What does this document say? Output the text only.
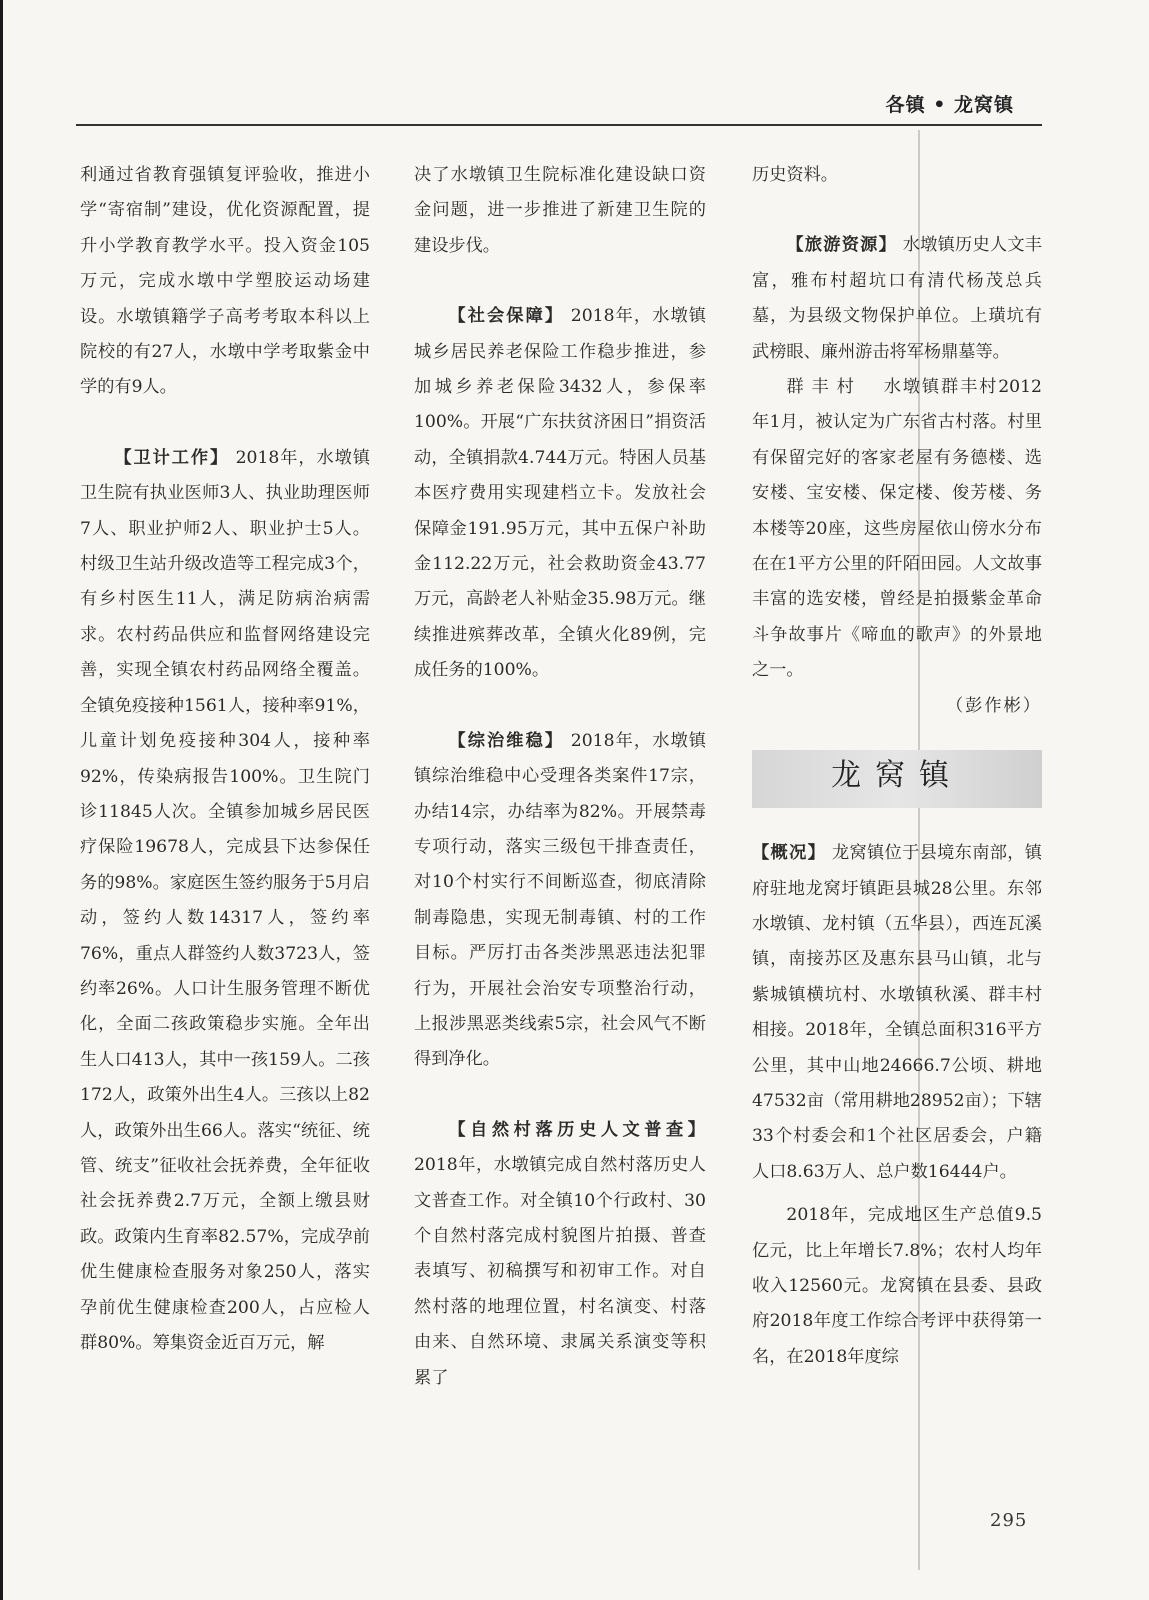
各镇 • 龙窝镇

利通过省教育强镇复评验收，推进小学“寄宿制”建设，优化资源配置，提升小学教育教学水平。投入资金105万元，完成水墩中学塑胶运动场建设。水墩镇籍学子高考考取本科以上院校的有27人，水墩中学考取紫金中学的有9人。

【卫计工作】 2018年，水墩镇卫生院有执业医师3人、执业助理医师7人、职业护师2人、职业护士5人。村级卫生站升级改造等工程完成3个，有乡村医生11人，满足防病治病需求。农村药品供应和监督网络建设完善，实现全镇农村药品网络全覆盖。全镇免疫接种1561人，接种率91%，儿童计划免疫接种304人，接种率92%，传染病报告100%。卫生院门诊11845人次。全镇参加城乡居民医疗保险19678人，完成县下达参保任务的98%。家庭医生签约服务于5月启动，签约人数14317人，签约率76%，重点人群签约人数3723人，签约率26%。人口计生服务管理不断优化，全面二孩政策稳步实施。全年出生人口413人，其中一孩159人。二孩172人，政策外出生4人。三孩以上82人，政策外出生66人。落实“统征、统管、统支”征收社会抚养费，全年征收社会抚养费2.7万元，全额上缴县财政。政策内生育率82.57%，完成孕前优生健康检查服务对象250人，落实孕前优生健康检查200人，占应检人群80%。筹集资金近百万元，解

决了水墩镇卫生院标准化建设缺口资金问题，进一步推进了新建卫生院的建设步伐。

【社会保障】 2018年，水墩镇城乡居民养老保险工作稳步推进，参加城乡养老保险3432人，参保率100%。开展“广东扶贫济困日”捐资活动，全镇捐款4.744万元。特困人员基本医疗费用实现建档立卡。发放社会保障金191.95万元，其中五保户补助金112.22万元，社会救助资金43.77万元，高龄老人补贴金35.98万元。继续推进殡葬改革，全镇火化89例，完成任务的100%。

【综治维稳】 2018年，水墩镇镇综治维稳中心受理各类案件17宗，办结14宗，办结率为82%。开展禁毒专项行动，落实三级包干排查责任，对10个村实行不间断巡查，彻底清除制毒隐患，实现无制毒镇、村的工作目标。严厉打击各类涉黑恶违法犯罪行为，开展社会治安专项整治行动，上报涉黑恶类线索5宗，社会风气不断得到净化。

【自然村落历史人文普查】 2018年，水墩镇完成自然村落历史人文普查工作。对全镇10个行政村、30个自然村落完成村貌图片拍摄、普查表填写、初稿撰写和初审工作。对自然村落的地理位置，村名演变、村落由来、自然环境、隶属关系演变等积累了

历史资料。

【旅游资源】 水墩镇历史人文丰富，雅布村超坑口有清代杨茂总兵墓，为县级文物保护单位。上璜坑有武榜眼、廉州游击将军杨鼎墓等。

群丰村 水墩镇群丰村2012年1月，被认定为广东省古村落。村里有保留完好的客家老屋有务德楼、选安楼、宝安楼、保定楼、俊芳楼、务本楼等20座，这些房屋依山傍水分布在在1平方公里的阡陌田园。人文故事丰富的选安楼，曾经是拍摄紫金革命斗争故事片《啼血的歌声》的外景地之一。

（彭作彬）

龙窝镇

【概况】 龙窝镇位于县境东南部，镇府驻地龙窝圩镇距县城28公里。东邻水墩镇、龙村镇（五华县），西连瓦溪镇，南接苏区及惠东县马山镇，北与紫城镇横坑村、水墩镇秋溪、群丰村相接。2018年，全镇总面积316平方公里，其中山地24666.7公顷、耕地47532亩（常用耕地28952亩）；下辖33个村委会和1个社区居委会，户籍人口8.63万人、总户数16444户。

2018年，完成地区生产总值9.5亿元，比上年增长7.8%；农村人均年收入12560元。龙窝镇在县委、县政府2018年度工作综合考评中获得第一名，在2018年度综

295
